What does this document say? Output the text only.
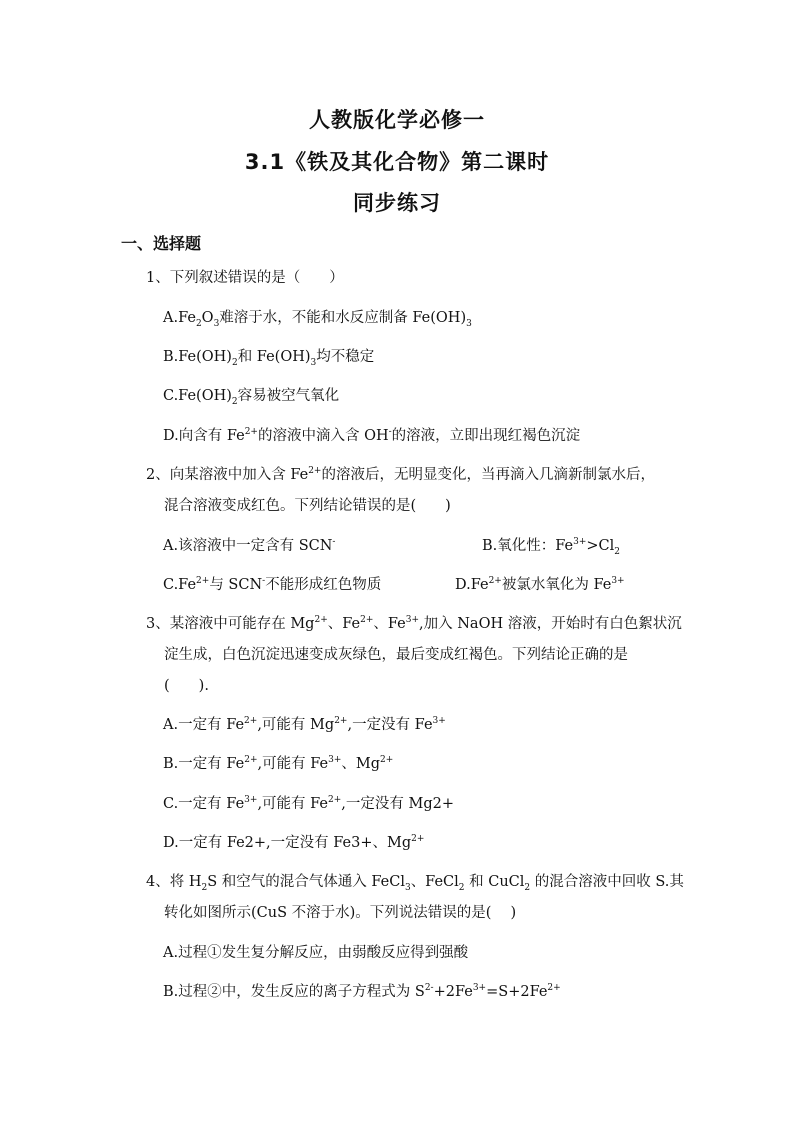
人教版化学必修一
3.1《铁及其化合物》第二课时
同步练习
一、选择题
1、下列叙述错误的是（　　）
$A.Fe_2O_3$难溶于水，不能和水反应制备 $Fe(OH)_3$
$B.Fe(OH)_2$和 $Fe(OH)_3$均不稳定
$C.Fe(OH)_2$容易被空气氧化
D.向含有 $Fe^{2+}$的溶液中滴入含 OH-的溶液，立即出现红褐色沉淀
2、向某溶液中加入含 $Fe^{2+}$的溶液后，无明显变化，当再滴入几滴新制氯水后，
混合溶液变成红色。下列结论错误的是(　　)
A.该溶液中一定含有 SCN-	B.氧化性：$Fe^{3+}>Cl_2$
$C.Fe^{2+}$与 SCN-不能形成红色物质	$D.Fe^{2+}$被氯水氧化为 $Fe^{3+}$
3、某溶液中可能存在 $Mg^{2+}$、$Fe^{2+}$、$Fe^{3+}$,加入 NaOH 溶液，开始时有白色絮状沉
淀生成，白色沉淀迅速变成灰绿色，最后变成红褐色。下列结论正确的是
(　　).
A.一定有 $Fe^{2+}$,可能有 $Mg^{2+}$,一定没有 $Fe^{3+}$
B.一定有 $Fe^{2+}$,可能有 $Fe^{3+}$、$Mg^{2+}$
C.一定有 $Fe^{3+}$,可能有 $Fe^{2+}$,一定没有 Mg2+
D.一定有 Fe2+,一定没有 Fe3+、$Mg^{2+}$
4、将 $H_2S$ 和空气的混合气体通入 FeCl$_3$、FeCl$_2$ 和 CuCl$_2$ 的混合溶液中回收 S.其
转化如图所示(CuS 不溶于水)。下列说法错误的是(　 )
A.过程①发生复分解反应，由弱酸反应得到强酸
B.过程②中，发生反应的离子方程式为 $S^{2-}+2Fe^{3+}=S+2Fe^{2+}$
